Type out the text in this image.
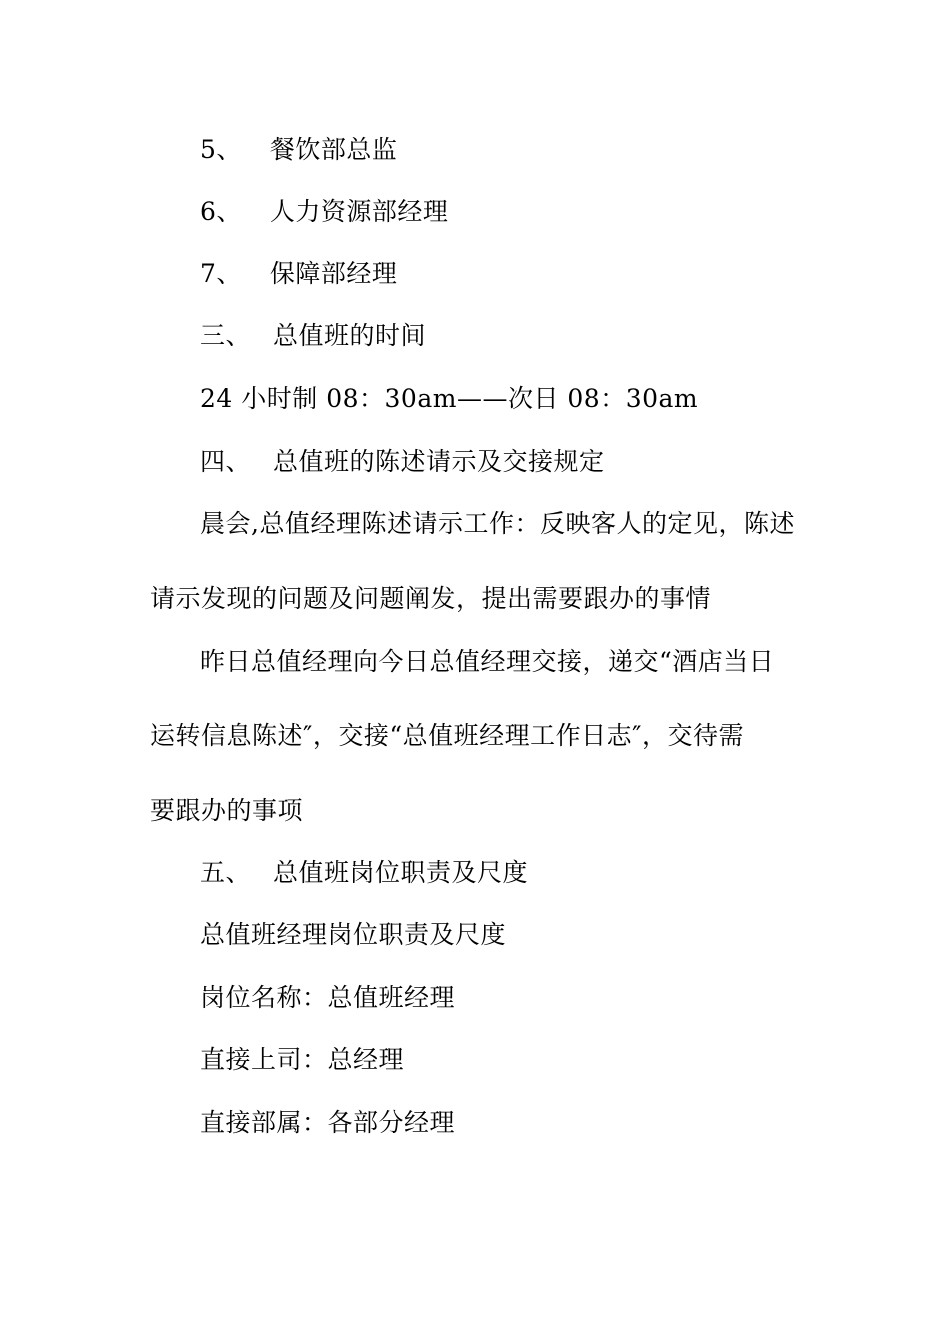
5、 餐饮部总监
6、 人力资源部经理
7、 保障部经理
三、 总值班的时间
24 小时制 08：30am——次日 08：30am
四、 总值班的陈述请示及交接规定
晨会,总值经理陈述请示工作：反映客人的定见，陈述
请示发现的问题及问题阐发，提出需要跟办的事情
昨日总值经理向今日总值经理交接，递交“酒店当日
运转信息陈述″，交接“总值班经理工作日志″，交待需
要跟办的事项
五、 总值班岗位职责及尺度
总值班经理岗位职责及尺度
岗位名称：总值班经理
直接上司：总经理
直接部属：各部分经理
